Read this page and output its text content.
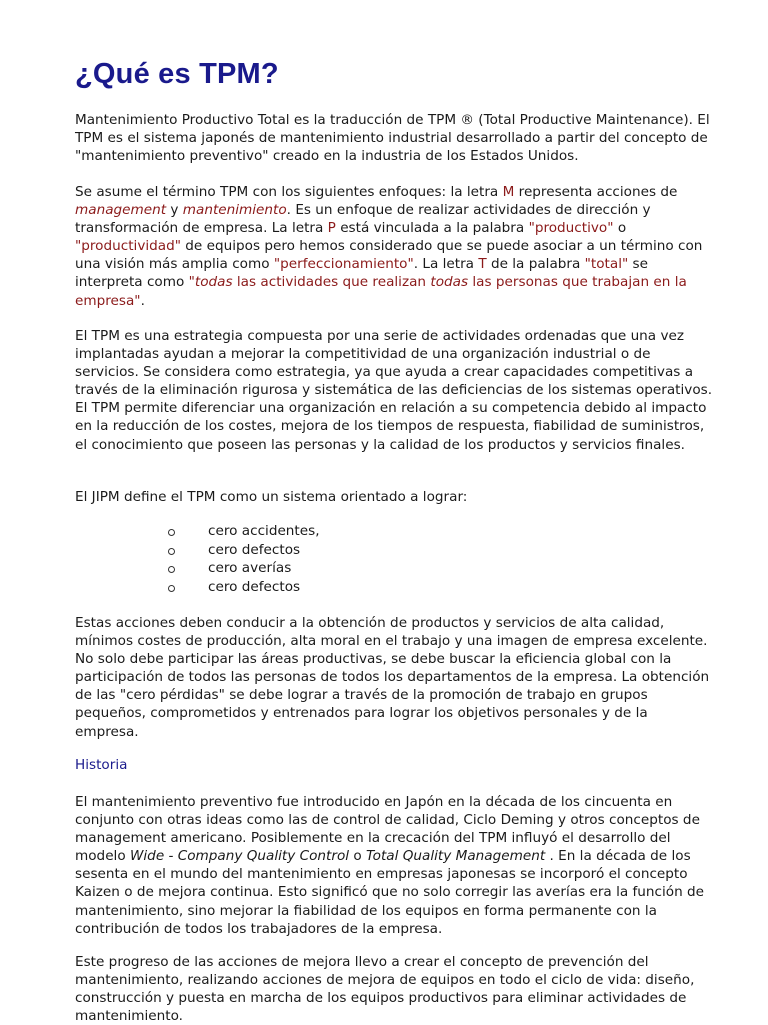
¿Qué es TPM?

Mantenimiento Productivo Total es la traducción de TPM ® (Total Productive Maintenance). El TPM es el sistema japonés de mantenimiento industrial desarrollado a partir del concepto de "mantenimiento preventivo" creado en la industria de los Estados Unidos.

Se asume el término TPM con los siguientes enfoques: la letra M representa acciones de management y mantenimiento. Es un enfoque de realizar actividades de dirección y transformación de empresa. La letra P está vinculada a la palabra "productivo" o "productividad" de equipos pero hemos considerado que se puede asociar a un término con una visión más amplia como "perfeccionamiento". La letra T de la palabra "total" se interpreta como "todas las actividades que realizan todas las personas que trabajan en la empresa".

El TPM es una estrategia compuesta por una serie de actividades ordenadas que una vez implantadas ayudan a mejorar la competitividad de una organización industrial o de servicios. Se considera como estrategia, ya que ayuda a crear capacidades competitivas a través de la eliminación rigurosa y sistemática de las deficiencias de los sistemas operativos. El TPM permite diferenciar una organización en relación a su competencia debido al impacto en la reducción de los costes, mejora de los tiempos de respuesta, fiabilidad de suministros, el conocimiento que poseen las personas y la calidad de los productos y servicios finales.

El JIPM define el TPM como un sistema orientado a lograr:

cero accidentes,
cero defectos
cero averías
cero defectos

Estas acciones deben conducir a la obtención de productos y servicios de alta calidad, mínimos costes de producción, alta moral en el trabajo y una imagen de empresa excelente. No solo debe participar las áreas productivas, se debe buscar la eficiencia global con la participación de todos las personas de todos los departamentos de la empresa. La obtención de las "cero pérdidas" se debe lograr a través de la promoción de trabajo en grupos pequeños, comprometidos y entrenados para lograr los objetivos personales y de la empresa.

Historia

El mantenimiento preventivo fue introducido en Japón en la década de los cincuenta en conjunto con otras ideas como las de control de calidad, Ciclo Deming y otros conceptos de management americano. Posiblemente en la crecación del TPM influyó el desarrollo del modelo Wide - Company Quality Control o Total Quality Management . En la década de los sesenta en el mundo del mantenimiento en empresas japonesas se incorporó el concepto Kaizen o de mejora continua. Esto significó que no solo corregir las averías era la función de mantenimiento, sino mejorar la fiabilidad de los equipos en forma permanente con la contribución de todos los trabajadores de la empresa.

Este progreso de las acciones de mejora llevo a crear el concepto de prevención del mantenimiento, realizando acciones de mejora de equipos en todo el ciclo de vida: diseño, construcción y puesta en marcha de los equipos productivos para eliminar actividades de mantenimiento.
